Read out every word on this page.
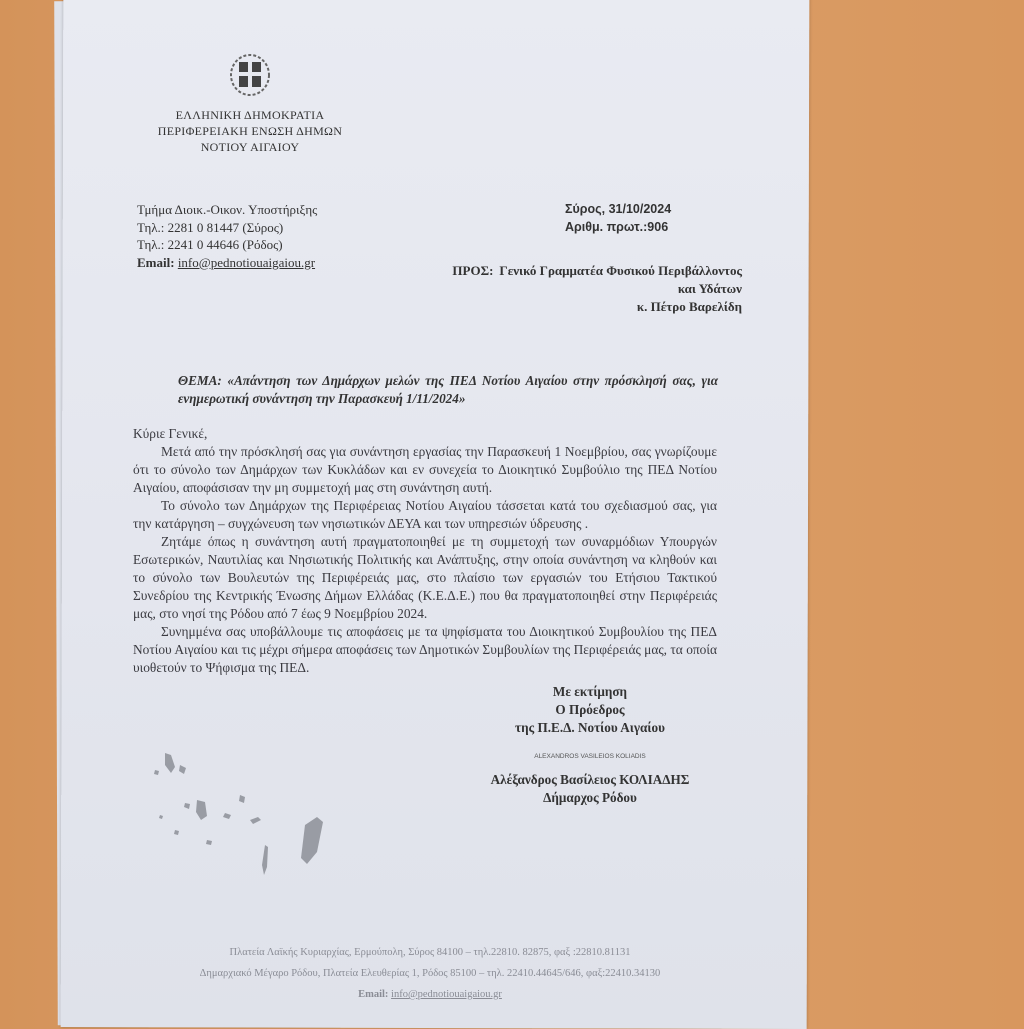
ΕΛΛΗΝΙΚΗ ΔΗΜΟΚΡΑΤΙΑ
ΠΕΡΙΦΕΡΕΙΑΚΗ ΕΝΩΣΗ ΔΗΜΩΝ
ΝΟΤΙΟΥ ΑΙΓΑΙΟΥ
Τμήμα Διοικ.-Οικον. Υποστήριξης
Τηλ.: 2281 0 81447 (Σύρος)
Τηλ.: 2241 0 44646 (Ρόδος)
Email: info@pednotiouaigaiou.gr
Σύρος, 31/10/2024
Αριθμ. πρωτ.:906
ΠΡΟΣ: Γενικό Γραμματέα Φυσικού Περιβάλλοντος
και Υδάτων
κ. Πέτρο Βαρελίδη
ΘΕΜΑ: «Απάντηση των Δημάρχων μελών της ΠΕΔ Νοτίου Αιγαίου στην πρόσκλησή σας, για ενημερωτική συνάντηση την Παρασκευή 1/11/2024»

Κύριε Γενικέ,

Μετά από την πρόσκλησή σας για συνάντηση εργασίας την Παρασκευή 1 Νοεμβρίου, σας γνωρίζουμε ότι το σύνολο των Δημάρχων των Κυκλάδων και εν συνεχεία το Διοικητικό Συμβούλιο της ΠΕΔ Νοτίου Αιγαίου, αποφάσισαν την μη συμμετοχή μας στη συνάντηση αυτή.

Το σύνολο των Δημάρχων της Περιφέρειας Νοτίου Αιγαίου τάσσεται κατά του σχεδιασμού σας, για την κατάργηση – συγχώνευση των νησιωτικών ΔΕΥΑ και των υπηρεσιών ύδρευσης .

Ζητάμε όπως η συνάντηση αυτή πραγματοποιηθεί με τη συμμετοχή των συναρμόδιων Υπουργών Εσωτερικών, Ναυτιλίας και Νησιωτικής Πολιτικής και Ανάπτυξης, στην οποία συνάντηση να κληθούν και το σύνολο των Βουλευτών της Περιφέρειάς μας, στο πλαίσιο των εργασιών του Ετήσιου Τακτικού Συνεδρίου της Κεντρικής Ένωσης Δήμων Ελλάδας (Κ.Ε.Δ.Ε.) που θα πραγματοποιηθεί στην Περιφέρειάς μας, στο νησί της Ρόδου από 7 έως 9 Νοεμβρίου 2024.

Συνημμένα σας υποβάλλουμε τις αποφάσεις με τα ψηφίσματα του Διοικητικού Συμβουλίου της ΠΕΔ Νοτίου Αιγαίου και τις μέχρι σήμερα αποφάσεις των Δημοτικών Συμβουλίων της Περιφέρειάς μας, τα οποία υιοθετούν το Ψήφισμα της ΠΕΔ.

Με εκτίμηση
Ο Πρόεδρος
της Π.Ε.Δ. Νοτίου Αιγαίου
Αλέξανδρος Βασίλειος ΚΟΛΙΑΔΗΣ
Δήμαρχος Ρόδου
ALEXANDROS VASILEIOS KOLIADIS
Πλατεία Λαϊκής Κυριαρχίας, Ερμούπολη, Σύρος 84100 – τηλ.22810. 82875, φαξ :22810.81131
Δημαρχιακό Μέγαρο Ρόδου, Πλατεία Ελευθερίας 1, Ρόδος 85100 – τηλ. 22410.44645/646, φαξ:22410.34130
Email: info@pednotiouaigaiou.gr
